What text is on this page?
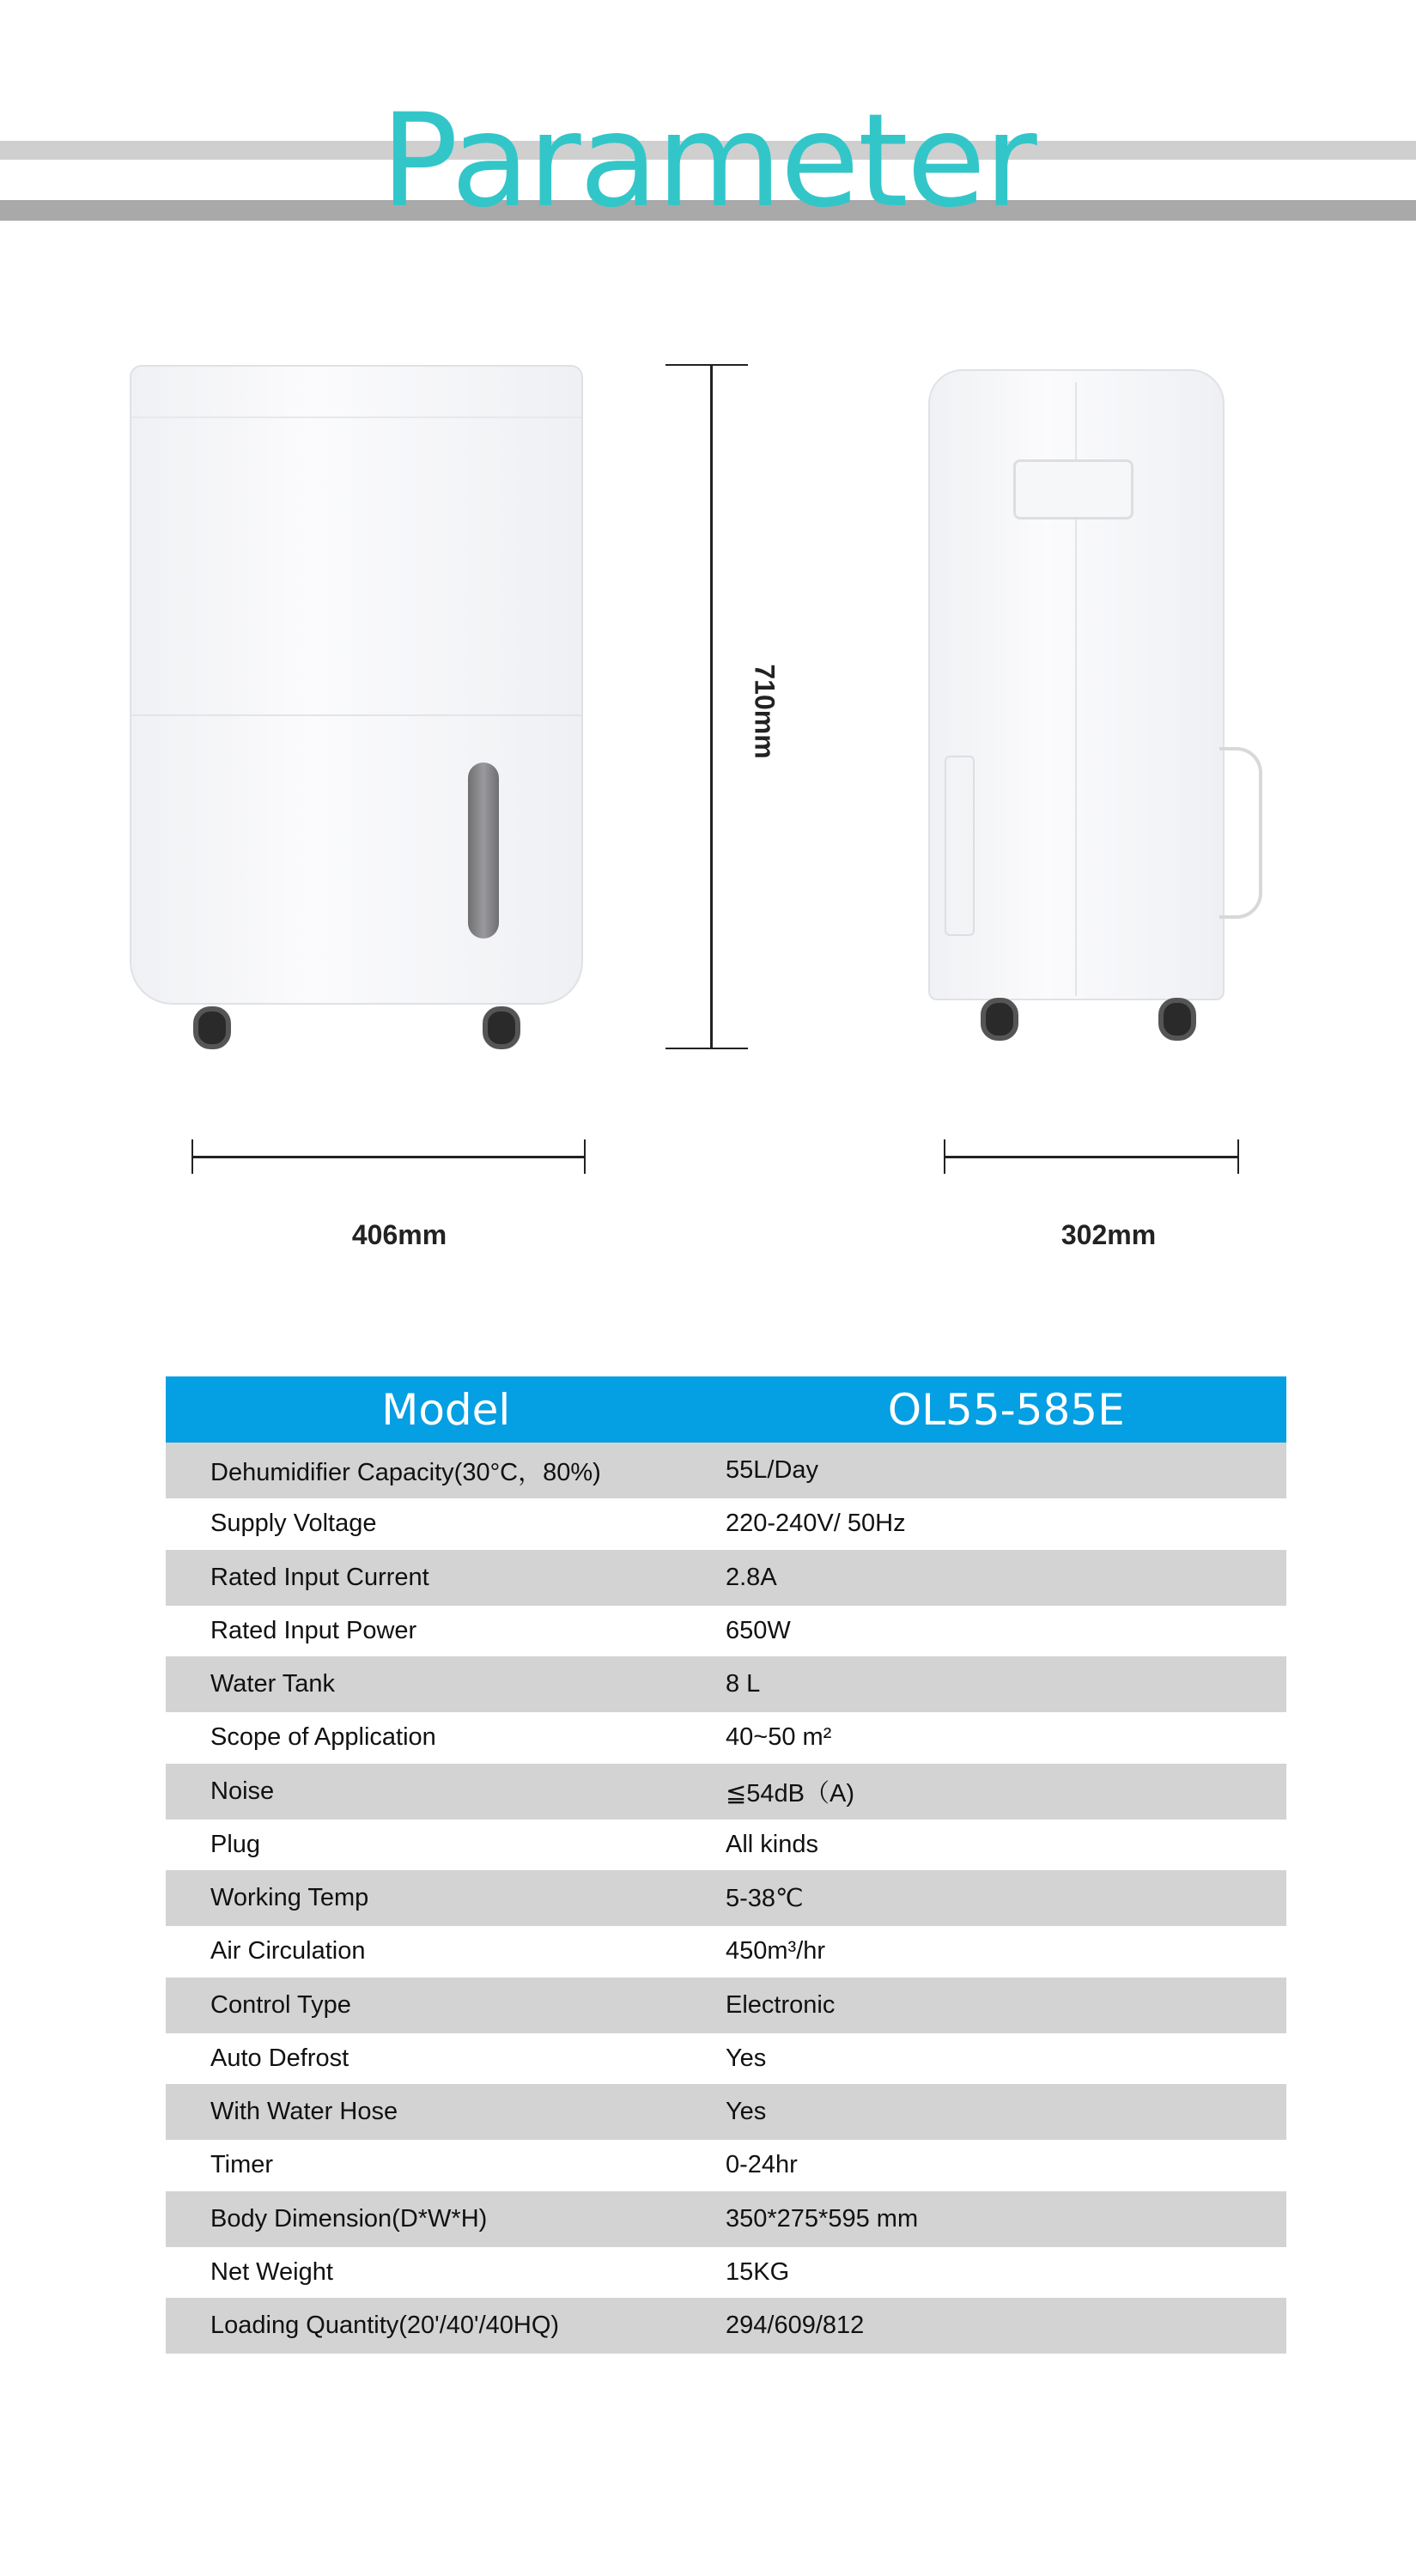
Parameter
710mm
406mm	302mm
Model	OL55-585E
Dehumidifier Capacity(30°C，80%)	55L/Day
Supply Voltage	220-240V/ 50Hz
Rated Input Current	2.8A
Rated Input Power	650W
Water Tank	8 L
Scope of Application	40~50 m²
Noise	≦54dB（A)
Plug	All kinds
Working Temp	5-38℃
Air Circulation	450m³/hr
Control Type	Electronic
Auto Defrost	Yes
With Water Hose	Yes
Timer	0-24hr
Body Dimension(D*W*H)	350*275*595 mm
Net Weight	15KG
Loading Quantity(20'/40'/40HQ)	294/609/812
